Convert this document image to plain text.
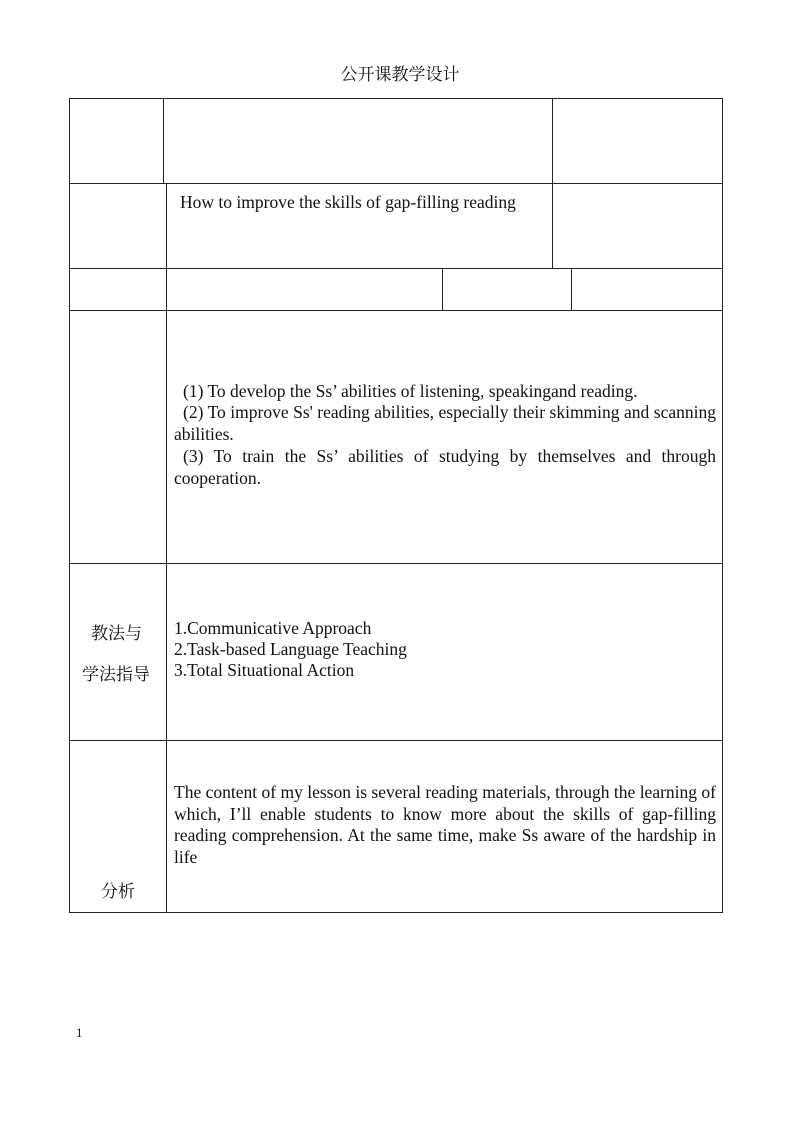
公开课教学设计
How to improve the skills of gap-filling reading
(1) To develop the Ss’ abilities of listening, speakingand reading.
(2) To improve Ss' reading abilities, especially their skimming and scanning abilities.
(3) To train the Ss’ abilities of studying by themselves and through cooperation.
教法与
学法指导
1.Communicative Approach
2.Task-based Language Teaching
3.Total Situational Action
分析
The content of my lesson is several reading materials, through the learning of which, I’ll enable students to know more about the skills of gap-filling reading comprehension. At the same time, make Ss aware of the hardship in life
1
